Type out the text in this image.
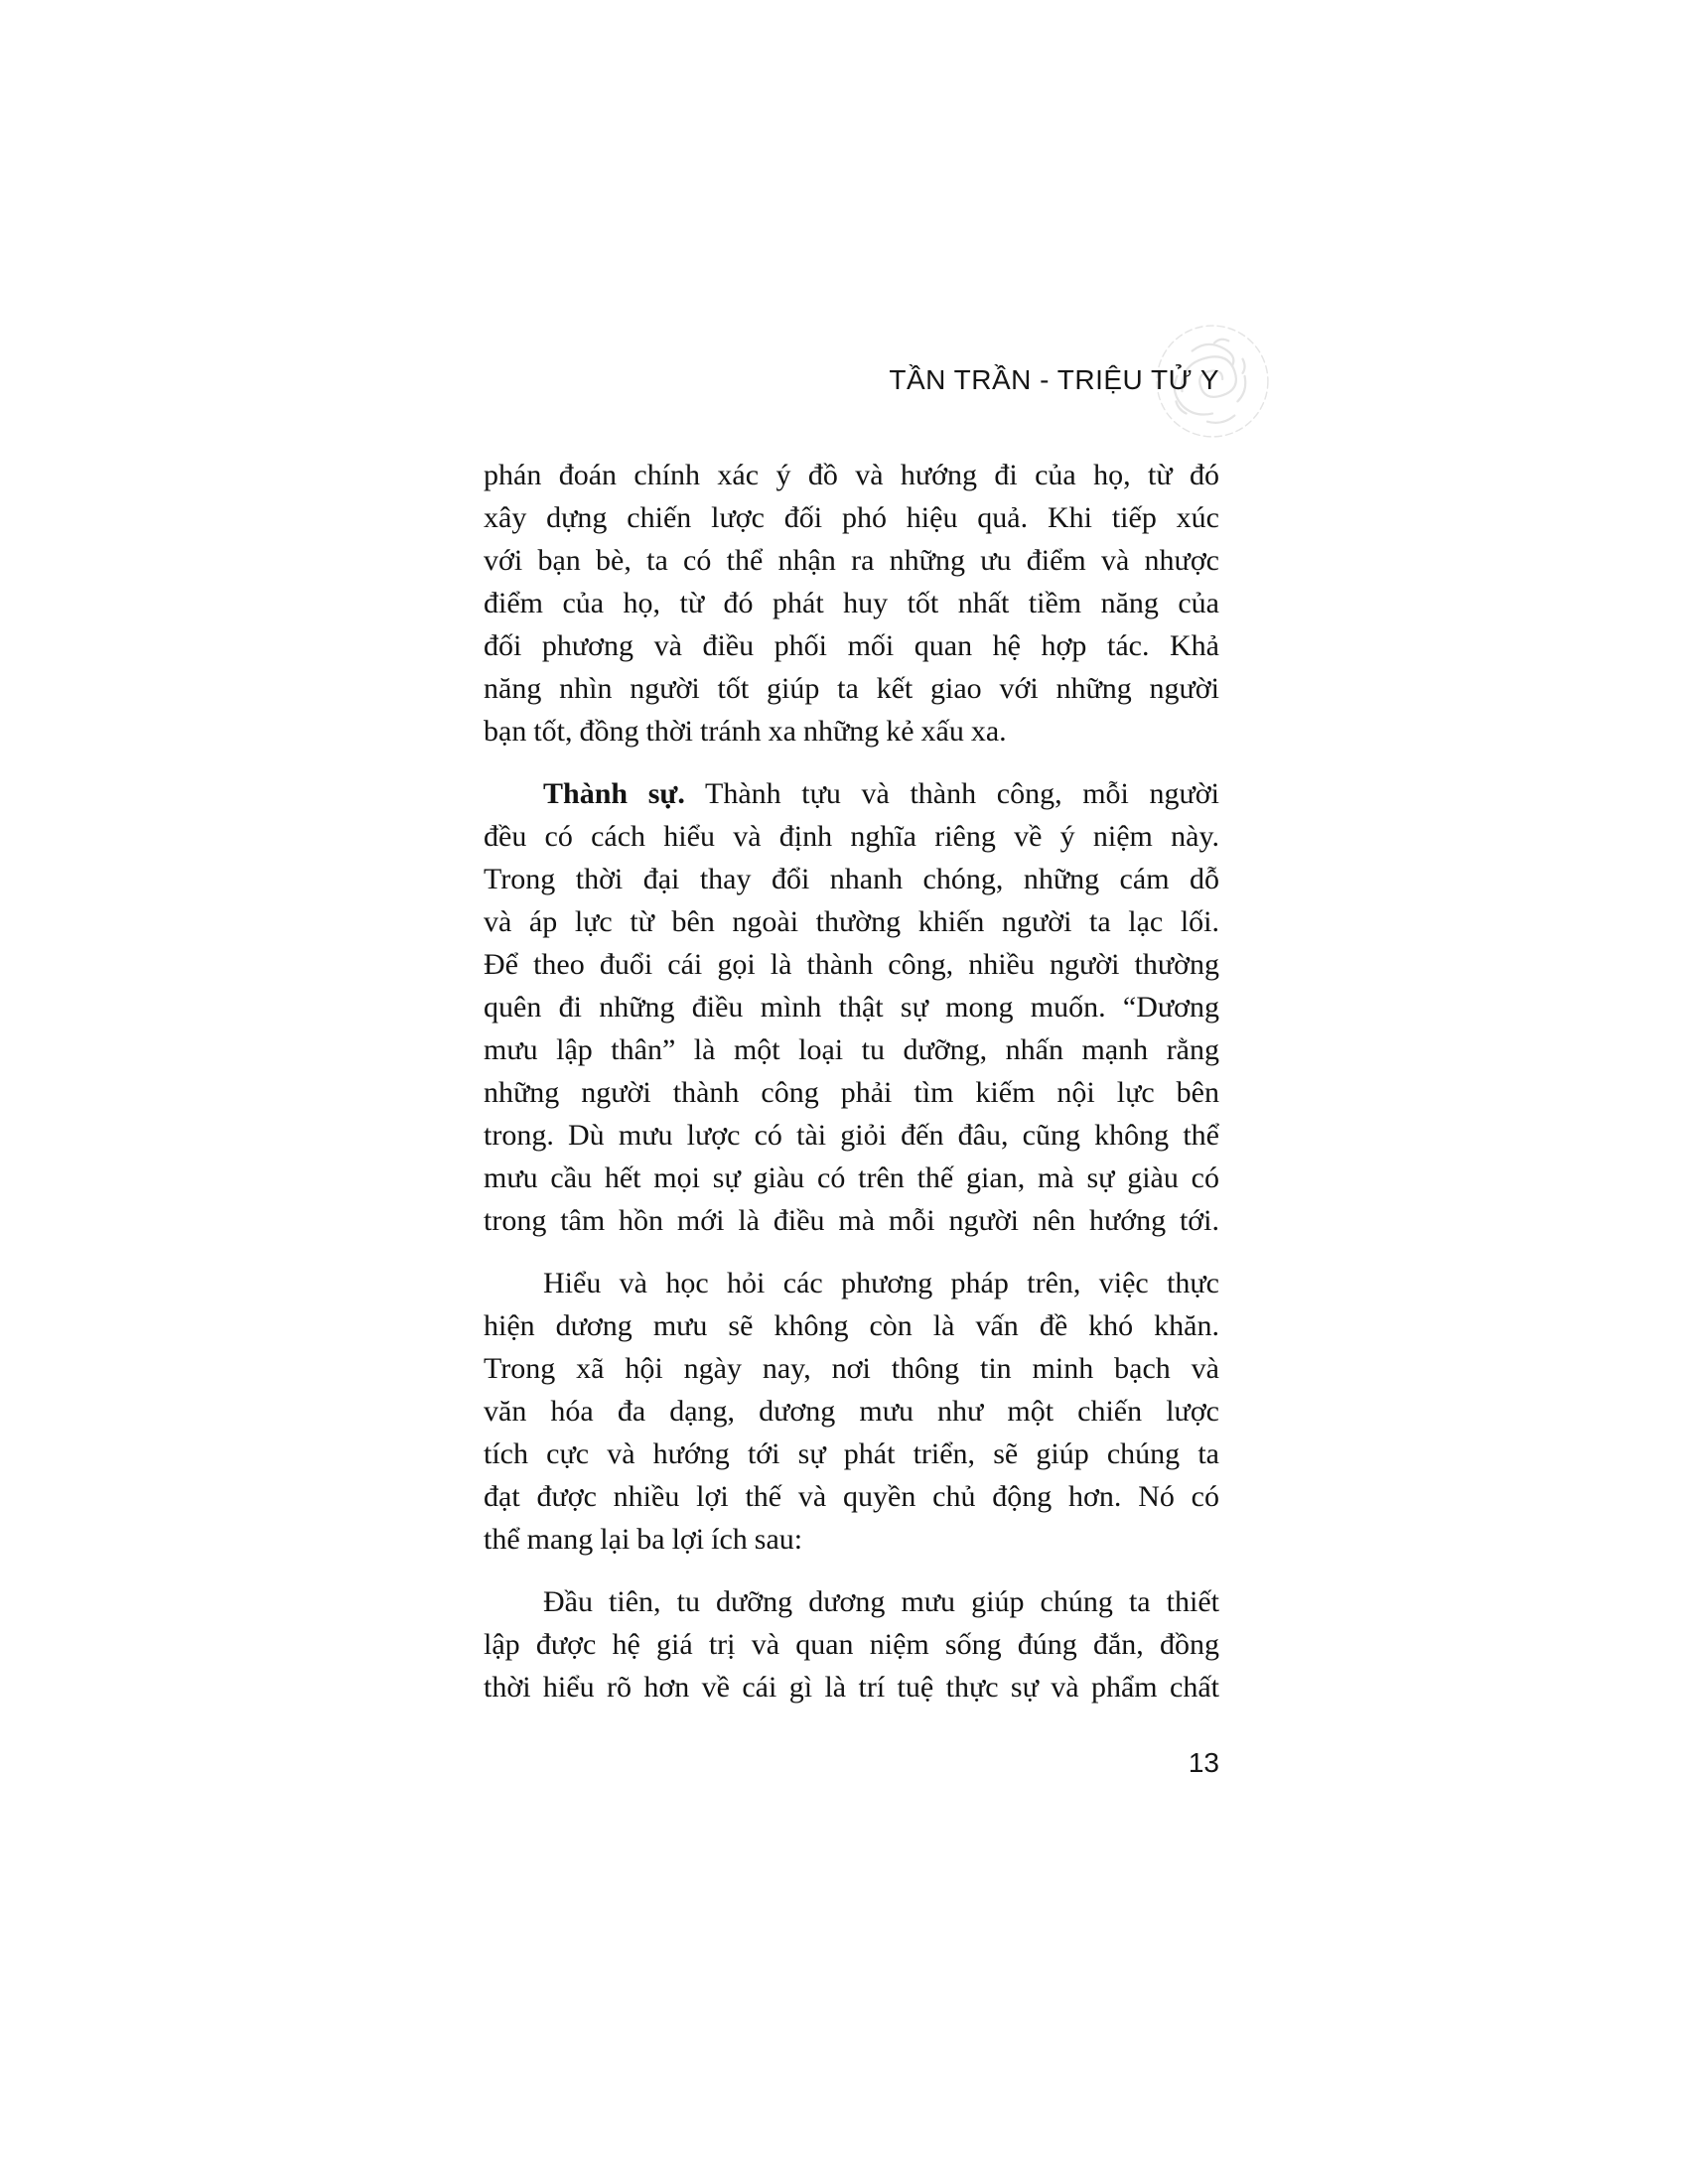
TẦN TRẦN - TRIỆU TỬ Y
phán đoán chính xác ý đồ và hướng đi của họ, từ đó
xây dựng chiến lược đối phó hiệu quả. Khi tiếp xúc
với bạn bè, ta có thể nhận ra những ưu điểm và nhược
điểm của họ, từ đó phát huy tốt nhất tiềm năng của
đối phương và điều phối mối quan hệ hợp tác. Khả
năng nhìn người tốt giúp ta kết giao với những người
bạn tốt, đồng thời tránh xa những kẻ xấu xa.
Thành sự. Thành tựu và thành công, mỗi người
đều có cách hiểu và định nghĩa riêng về ý niệm này.
Trong thời đại thay đổi nhanh chóng, những cám dỗ
và áp lực từ bên ngoài thường khiến người ta lạc lối.
Để theo đuổi cái gọi là thành công, nhiều người thường
quên đi những điều mình thật sự mong muốn. “Dương
mưu lập thân” là một loại tu dưỡng, nhấn mạnh rằng
những người thành công phải tìm kiếm nội lực bên
trong. Dù mưu lược có tài giỏi đến đâu, cũng không thể
mưu cầu hết mọi sự giàu có trên thế gian, mà sự giàu có
trong tâm hồn mới là điều mà mỗi người nên hướng tới.
Hiểu và học hỏi các phương pháp trên, việc thực
hiện dương mưu sẽ không còn là vấn đề khó khăn.
Trong xã hội ngày nay, nơi thông tin minh bạch và
văn hóa đa dạng, dương mưu như một chiến lược
tích cực và hướng tới sự phát triển, sẽ giúp chúng ta
đạt được nhiều lợi thế và quyền chủ động hơn. Nó có
thể mang lại ba lợi ích sau:
Đầu tiên, tu dưỡng dương mưu giúp chúng ta thiết
lập được hệ giá trị và quan niệm sống đúng đắn, đồng
thời hiểu rõ hơn về cái gì là trí tuệ thực sự và phẩm chất
13
